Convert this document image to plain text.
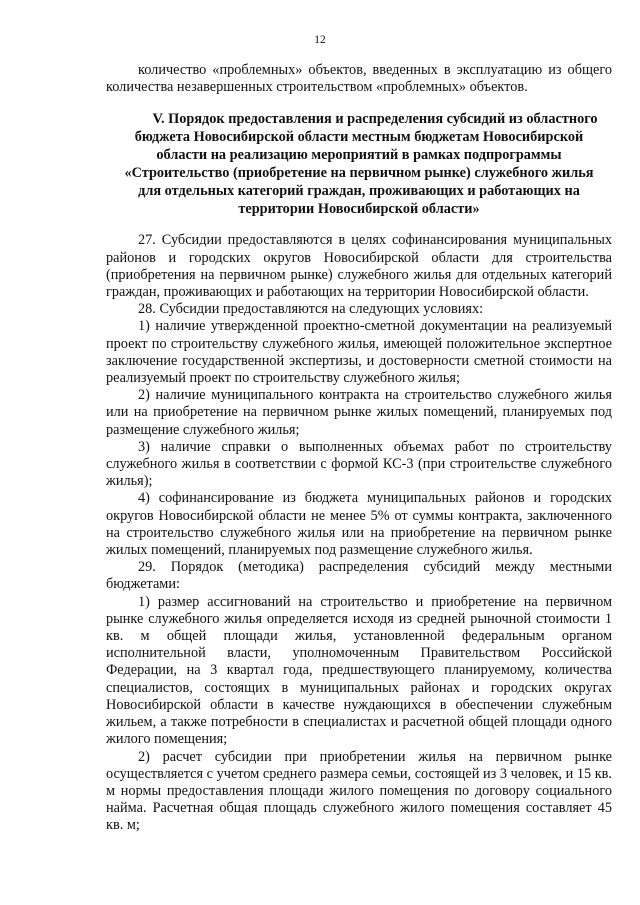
12

количество «проблемных» объектов, введенных в эксплуатацию из общего количества незавершенных строительством «проблемных» объектов.

V. Порядок предоставления и распределения субсидий из областного бюджета Новосибирской области местным бюджетам Новосибирской области на реализацию мероприятий в рамках подпрограммы «Строительство (приобретение на первичном рынке) служебного жилья для отдельных категорий граждан, проживающих и работающих на территории Новосибирской области»

27. Субсидии предоставляются в целях софинансирования муниципальных районов и городских округов Новосибирской области для строительства (приобретения на первичном рынке) служебного жилья для отдельных категорий граждан, проживающих и работающих на территории Новосибирской области.

28. Субсидии предоставляются на следующих условиях:

1) наличие утвержденной проектно-сметной документации на реализуемый проект по строительству служебного жилья, имеющей положительное экспертное заключение государственной экспертизы, и достоверности сметной стоимости на реализуемый проект по строительству служебного жилья;

2) наличие муниципального контракта на строительство служебного жилья или на приобретение на первичном рынке жилых помещений, планируемых под размещение служебного жилья;

3) наличие справки о выполненных объемах работ по строительству служебного жилья в соответствии с формой КС-3 (при строительстве служебного жилья);

4) софинансирование из бюджета муниципальных районов и городских округов Новосибирской области не менее 5% от суммы контракта, заключенного на строительство служебного жилья или на приобретение на первичном рынке жилых помещений, планируемых под размещение служебного жилья.

29. Порядок (методика) распределения субсидий между местными бюджетами:

1) размер ассигнований на строительство и приобретение на первичном рынке служебного жилья определяется исходя из средней рыночной стоимости 1 кв. м общей площади жилья, установленной федеральным органом исполнительной власти, уполномоченным Правительством Российской Федерации, на 3 квартал года, предшествующего планируемому, количества специалистов, состоящих в муниципальных районах и городских округах Новосибирской области в качестве нуждающихся в обеспечении служебным жильем, а также потребности в специалистах и расчетной общей площади одного жилого помещения;

2) расчет субсидии при приобретении жилья на первичном рынке осуществляется с учетом среднего размера семьи, состоящей из 3 человек, и 15 кв. м нормы предоставления площади жилого помещения по договору социального найма. Расчетная общая площадь служебного жилого помещения составляет 45 кв. м;
